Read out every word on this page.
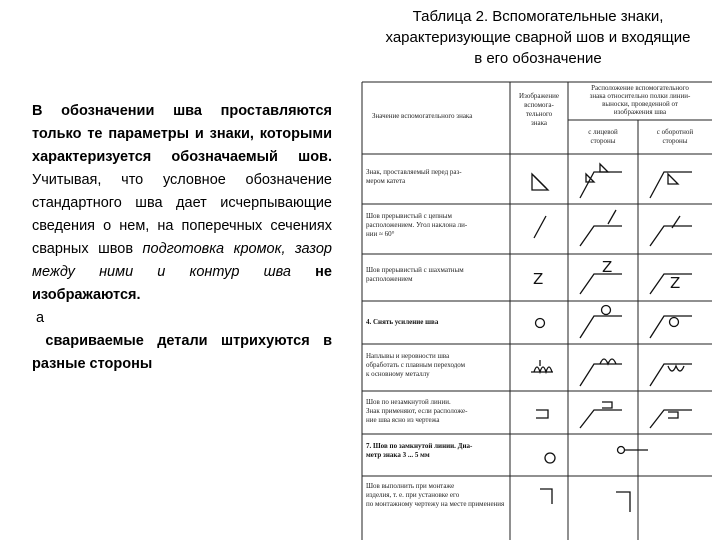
Таблица 2. Вспомогательные знаки,
характеризующие сварной шов и входящие
в его обозначение

В обозначении шва проставляются только те параметры и знаки, которыми характеризуется обозначаемый шов. Учитывая, что условное обозначение стандартного шва дает исчерпывающие сведения о нем, на поперечных сечениях сварных швов подготовка кромок, зазор между ними и контур шва не изображаются.

а

свариваемые детали штрихуются в разные стороны

Значение вспомогательного знака
Изображение
вспомога-
тельного
знака
Расположение вспомогательного
знака относительно полки линии-
выноски, проведенной от
изображения шва
с лицевой
стороны
с оборотной
стороны
Знак, проставляемый перед раз-
мером катета
Шов прерывистый с цепным
расположением. Угол наклона ли-
нии ≈ 60°
Шов прерывистый с шахматным
расположением
4. Снять усиление шва
Наплывы и неровности шва
обработать с плавным переходом
к основному металлу
Шов по незамкнутой линии.
Знак применяют, если расположе-
ние шва ясно из чертежа
7. Шов по замкнутой линии. Диа-
метр знака 3 ... 5 мм
Шов выполнить при монтаже
изделия, т. е. при установке его
по монтажному чертежу на месте применения
Z
Z
Z
